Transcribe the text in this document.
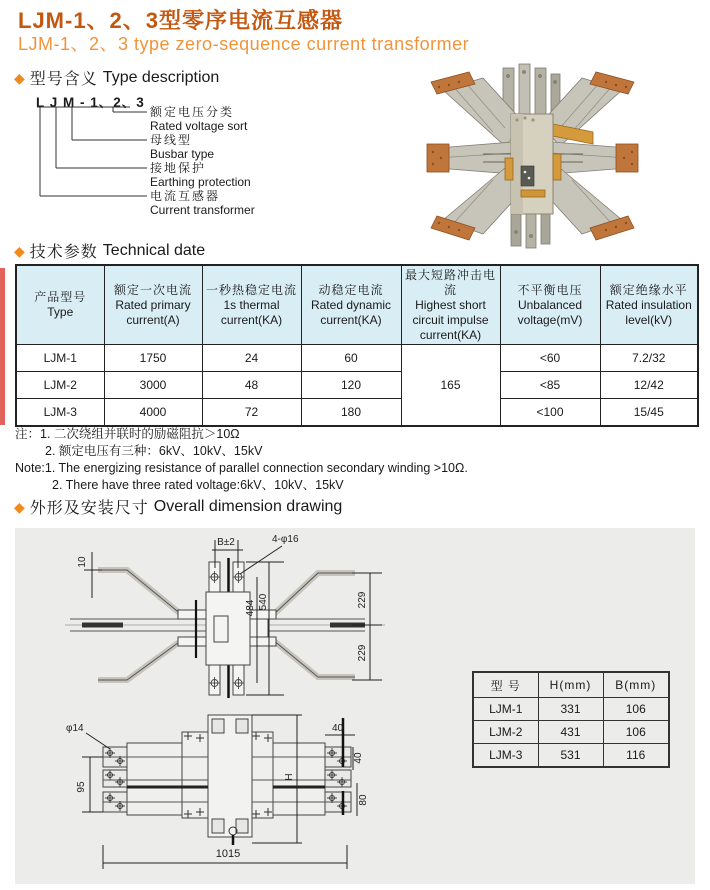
LJM-1、2、3型零序电流互感器
LJM-1、2、3 type zero-sequence current transformer
◆ 型号含义 Type description
L J M - 1、2、3
额定电压分类
Rated voltage sort
母线型
Busbar type
接地保护
Earthing protection
电流互感器
Current transformer
◆ 技术参数 Technical date
产品型号
Type	额定一次电流
Rated primary
current(A)	一秒热稳定电流
1s thermal
current(KA)	动稳定电流
Rated dynamic
current(KA)	最大短路冲击电流
Highest short
circuit impulse
current(KA)	不平衡电压
Unbalanced
voltage(mV)	额定绝缘水平
Rated insulation
level(kV)

LJM-1	1750	24	60	165	<60	7.2/32
LJM-2	3000	48	120		<85	12/42
LJM-3	4000	72	180		<100	15/45
注：1. 二次绕组并联时的励磁阻抗＞10Ω
2. 额定电压有三种：6kV、10kV、15kV
Note:1. The energizing resistance of parallel connection secondary winding >10Ω.
2. There have three rated voltage:6kV、10kV、15kV
◆ 外形及安装尺寸 Overall dimension drawing
B±2	4-φ16
10
484 540	229
229
φ14
95
H
40
40
80
1015
型 号	H(mm)	B(mm)
LJM-1	331	106
LJM-2	431	106
LJM-3	531	116
